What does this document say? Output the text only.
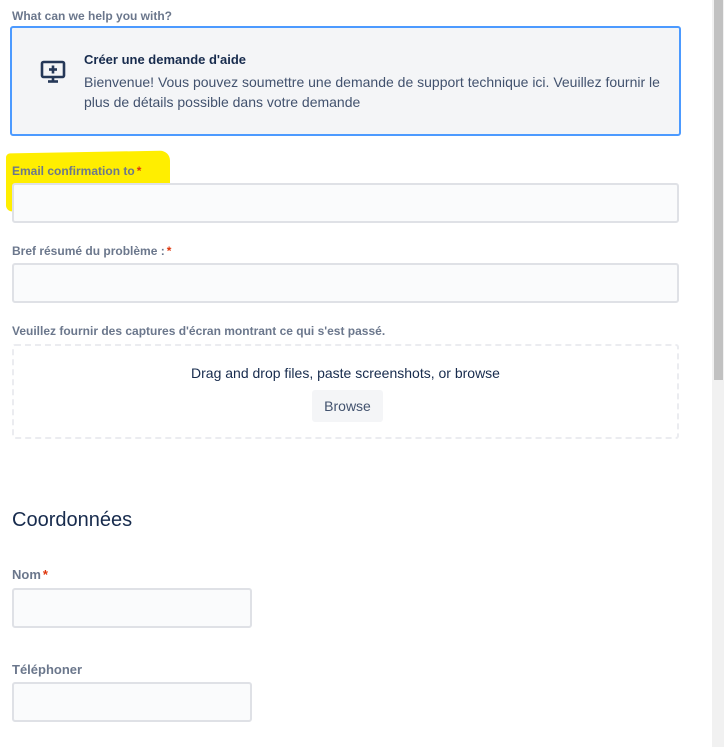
What can we help you with?
Créer une demande d'aide
Bienvenue! Vous pouvez soumettre une demande de support technique ici. Veuillez fournir le plus de détails possible dans votre demande
Email confirmation to *
Bref résumé du problème : *
Veuillez fournir des captures d'écran montrant ce qui s'est passé.
Drag and drop files, paste screenshots, or browse
Browse
Coordonnées
Nom *
Téléphoner
